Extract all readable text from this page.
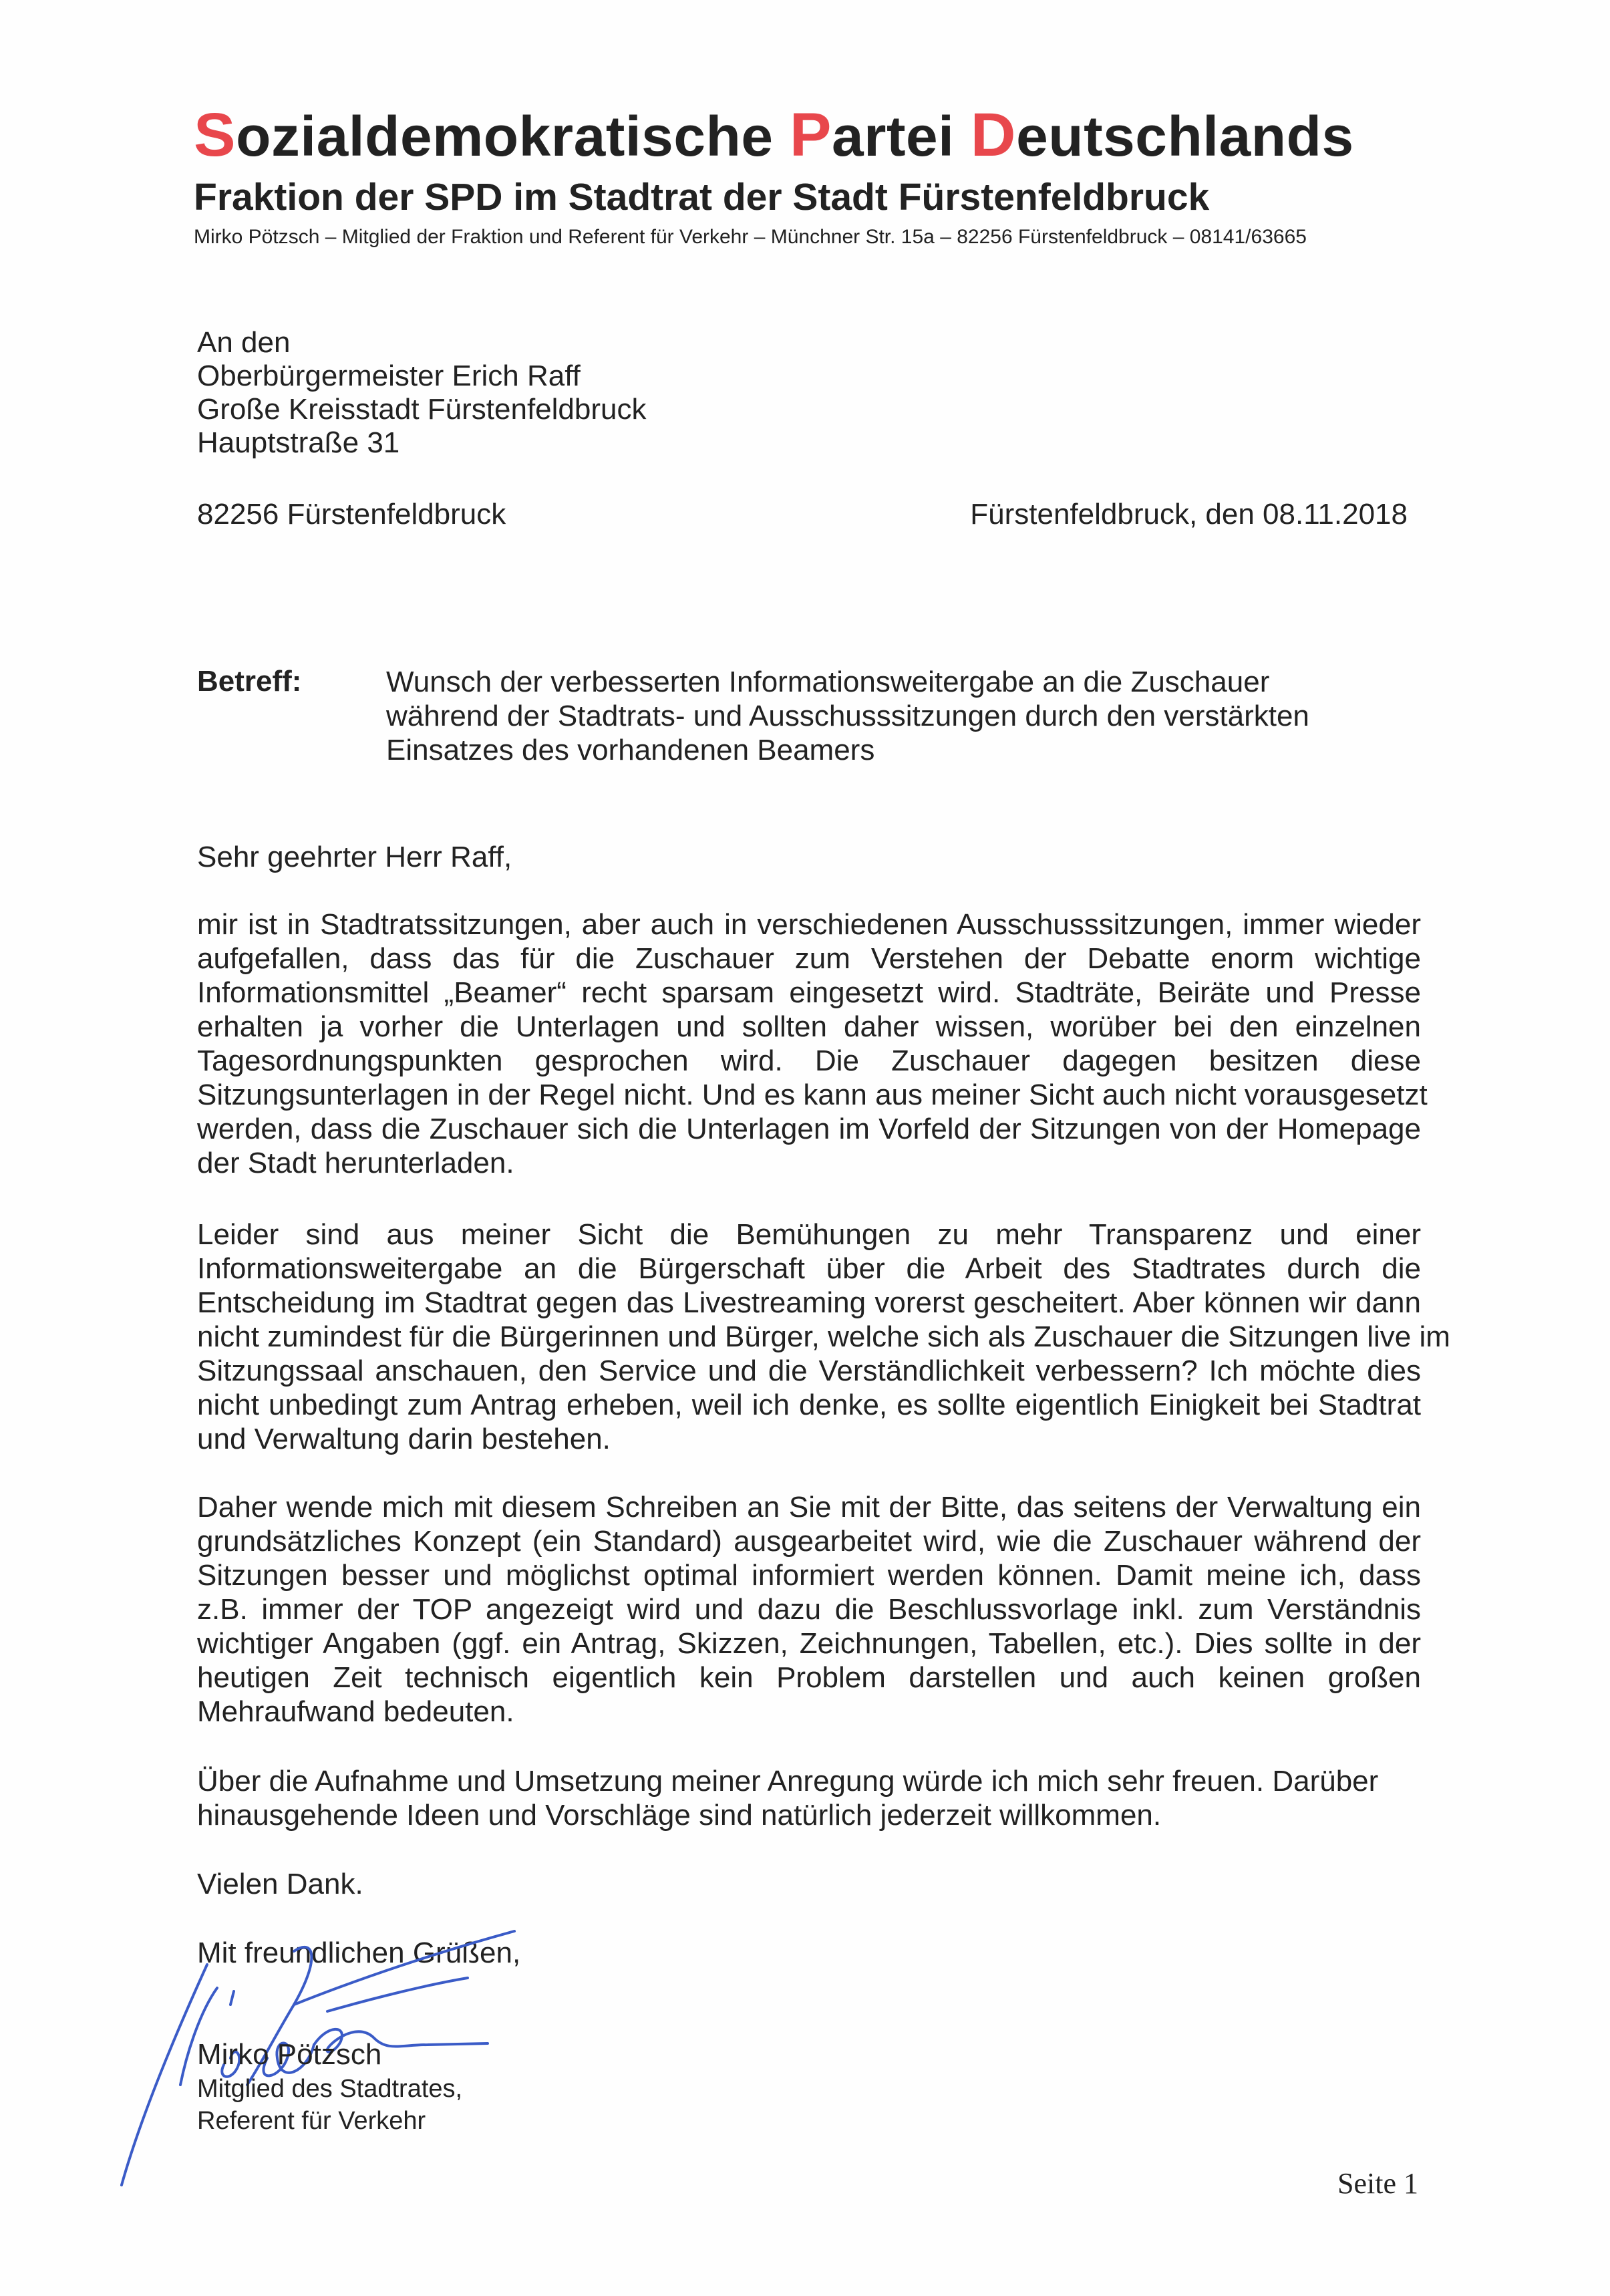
Sozialdemokratische Partei Deutschlands
Fraktion der SPD im Stadtrat der Stadt Fürstenfeldbruck
Mirko Pötzsch – Mitglied der Fraktion und Referent für Verkehr – Münchner Str. 15a – 82256 Fürstenfeldbruck – 08141/63665
An den
Oberbürgermeister Erich Raff
Große Kreisstadt Fürstenfeldbruck
Hauptstraße 31
82256 Fürstenfeldbruck	Fürstenfeldbruck, den 08.11.2018
Betreff:	Wunsch der verbesserten Informationsweitergabe an die Zuschauer
während der Stadtrats- und Ausschusssitzungen durch den verstärkten
Einsatzes des vorhandenen Beamers
Sehr geehrter Herr Raff,
mir ist in Stadtratssitzungen, aber auch in verschiedenen Ausschusssitzungen, immer wieder
aufgefallen, dass das für die Zuschauer zum Verstehen der Debatte enorm wichtige
Informationsmittel „Beamer“ recht sparsam eingesetzt wird. Stadträte, Beiräte und Presse
erhalten ja vorher die Unterlagen und sollten daher wissen, worüber bei den einzelnen
Tagesordnungspunkten gesprochen wird. Die Zuschauer dagegen besitzen diese
Sitzungsunterlagen in der Regel nicht. Und es kann aus meiner Sicht auch nicht vorausgesetzt
werden, dass die Zuschauer sich die Unterlagen im Vorfeld der Sitzungen von der Homepage
der Stadt herunterladen.
Leider sind aus meiner Sicht die Bemühungen zu mehr Transparenz und einer
Informationsweitergabe an die Bürgerschaft über die Arbeit des Stadtrates durch die
Entscheidung im Stadtrat gegen das Livestreaming vorerst gescheitert. Aber können wir dann
nicht zumindest für die Bürgerinnen und Bürger, welche sich als Zuschauer die Sitzungen live im
Sitzungssaal anschauen, den Service und die Verständlichkeit verbessern? Ich möchte dies
nicht unbedingt zum Antrag erheben, weil ich denke, es sollte eigentlich Einigkeit bei Stadtrat
und Verwaltung darin bestehen.
Daher wende mich mit diesem Schreiben an Sie mit der Bitte, das seitens der Verwaltung ein
grundsätzliches Konzept (ein Standard) ausgearbeitet wird, wie die Zuschauer während der
Sitzungen besser und möglichst optimal informiert werden können. Damit meine ich, dass
z.B. immer der TOP angezeigt wird und dazu die Beschlussvorlage inkl. zum Verständnis
wichtiger Angaben (ggf. ein Antrag, Skizzen, Zeichnungen, Tabellen, etc.). Dies sollte in der
heutigen Zeit technisch eigentlich kein Problem darstellen und auch keinen großen
Mehraufwand bedeuten.
Über die Aufnahme und Umsetzung meiner Anregung würde ich mich sehr freuen. Darüber
hinausgehende Ideen und Vorschläge sind natürlich jederzeit willkommen.
Vielen Dank.
Mit freundlichen Grüßen,
Mirko Pötzsch
Mitglied des Stadtrates,
Referent für Verkehr
Seite 1
